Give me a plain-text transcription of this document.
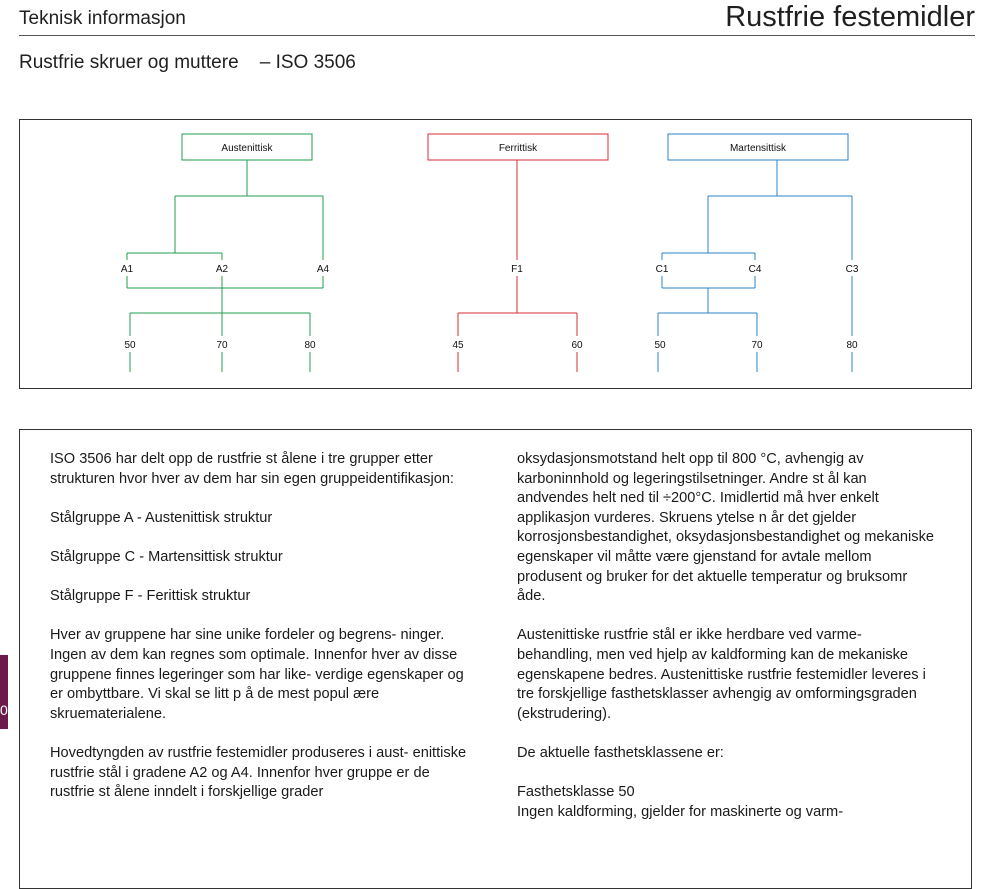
Teknisk informasjon	Rustfrie festemidler
Rustfrie skruer og muttere    – ISO 3506
Austenittisk	Ferrittisk	Martensittisk
A1	A2	A4	F1	C1	C4	C3
50	70	80	45	60	50	70	80

ISO 3506 har delt opp de rustfrie st ålene i tre grupper etter strukturen hvor hver av dem har sin egen gruppeidentifikasjon:

Stålgruppe A - Austenittisk struktur

Stålgruppe C - Martensittisk struktur

Stålgruppe F - Ferittisk struktur

Hver av gruppene har sine unike fordeler og begrens- ninger. Ingen av dem kan regnes som optimale. Innenfor hver av disse gruppene finnes legeringer som har like- verdige egenskaper og er ombyttbare. Vi skal se litt p å de mest popul ære skruematerialene.

Hovedtyngden av rustfrie festemidler produseres i aust- enittiske rustfrie stål i gradene A2 og A4. Innenfor hver gruppe er de rustfrie st ålene inndelt i forskjellige grader

oksydasjonsmotstand helt opp til 800 °C, avhengig av karboninnhold og legeringstilsetninger. Andre st ål kan andvendes helt ned til ÷200°C. Imidlertid må hver enkelt applikasjon vurderes. Skruens ytelse n år det gjelder korrosjonsbestandighet, oksydasjonsbestandighet og mekaniske egenskaper vil måtte være gjenstand for avtale mellom produsent og bruker for det aktuelle temperatur og bruksomr åde.

Austenittiske rustfrie stål er ikke herdbare ved varme- behandling, men ved hjelp av kaldforming kan de mekaniske egenskapene bedres. Austenittiske rustfrie festemidler leveres i tre forskjellige fasthetsklasser avhengig av omformingsgraden (ekstrudering).

De aktuelle fasthetsklassene er:

Fasthetsklasse 50

Ingen kaldforming, gjelder for maskinerte og varm-

0
